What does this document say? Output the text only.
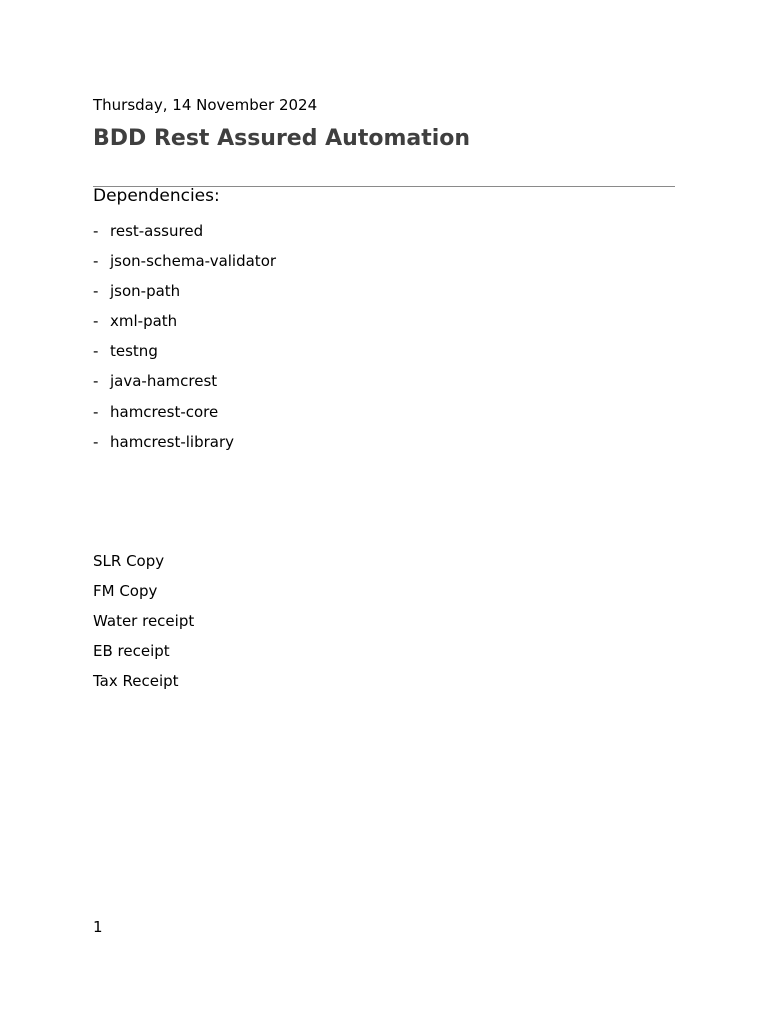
Thursday, 14 November 2024
BDD Rest Assured Automation
Dependencies:
- rest-assured
- json-schema-validator
- json-path
- xml-path
- testng
- java-hamcrest
- hamcrest-core
- hamcrest-library
SLR Copy
FM Copy
Water receipt
EB receipt
Tax Receipt
1
